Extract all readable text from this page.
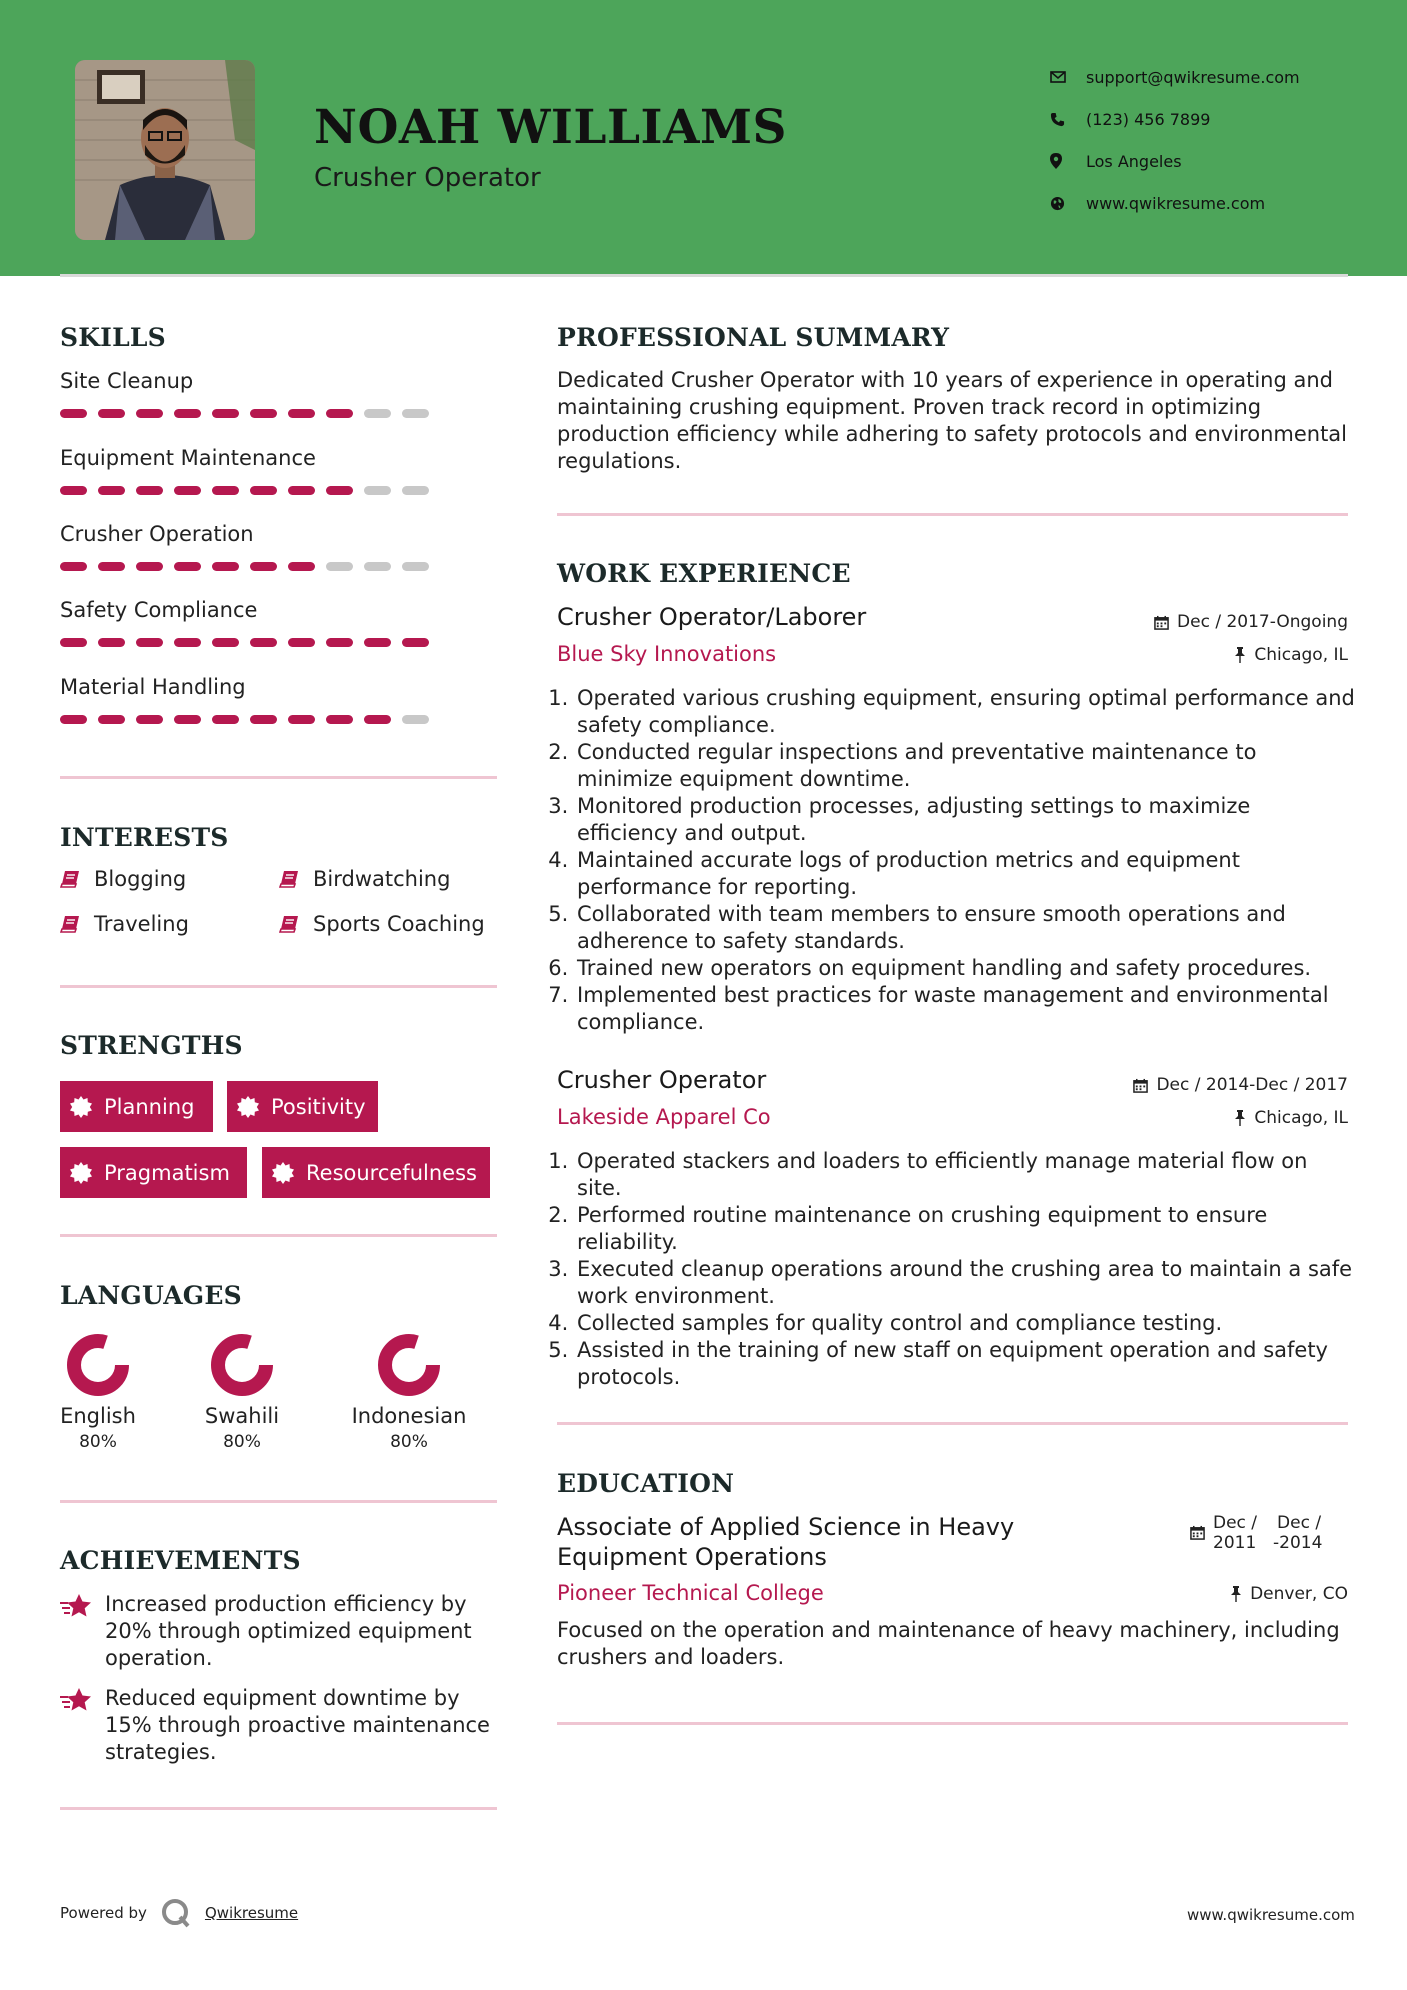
NOAH WILLIAMS
Crusher Operator
support@qwikresume.com
(123) 456 7899
Los Angeles
www.qwikresume.com
SKILLS
Site Cleanup
Equipment Maintenance
Crusher Operation
Safety Compliance
Material Handling
INTERESTS
Blogging	Birdwatching
Traveling	Sports Coaching
STRENGTHS
Planning	Positivity
Pragmatism	Resourcefulness
LANGUAGES
English
80%
Swahili
80%
Indonesian
80%
ACHIEVEMENTS
Increased production efficiency by 20% through optimized equipment operation.
Reduced equipment downtime by 15% through proactive maintenance strategies.
PROFESSIONAL SUMMARY
Dedicated Crusher Operator with 10 years of experience in operating and maintaining crushing equipment. Proven track record in optimizing production efficiency while adhering to safety protocols and environmental regulations.
WORK EXPERIENCE
Crusher Operator/Laborer	Dec / 2017-Ongoing
Blue Sky Innovations	Chicago, IL
1. Operated various crushing equipment, ensuring optimal performance and safety compliance.
2. Conducted regular inspections and preventative maintenance to minimize equipment downtime.
3. Monitored production processes, adjusting settings to maximize efficiency and output.
4. Maintained accurate logs of production metrics and equipment performance for reporting.
5. Collaborated with team members to ensure smooth operations and adherence to safety standards.
6. Trained new operators on equipment handling and safety procedures.
7. Implemented best practices for waste management and environmental compliance.
Crusher Operator	Dec / 2014-Dec / 2017
Lakeside Apparel Co	Chicago, IL
1. Operated stackers and loaders to efficiently manage material flow on site.
2. Performed routine maintenance on crushing equipment to ensure reliability.
3. Executed cleanup operations around the crushing area to maintain a safe work environment.
4. Collected samples for quality control and compliance testing.
5. Assisted in the training of new staff on equipment operation and safety protocols.
EDUCATION
Associate of Applied Science in Heavy Equipment Operations
Dec /
2011
Dec /
-2014
Pioneer Technical College	Denver, CO
Focused on the operation and maintenance of heavy machinery, including crushers and loaders.
Powered by	Qwikresume	www.qwikresume.com
